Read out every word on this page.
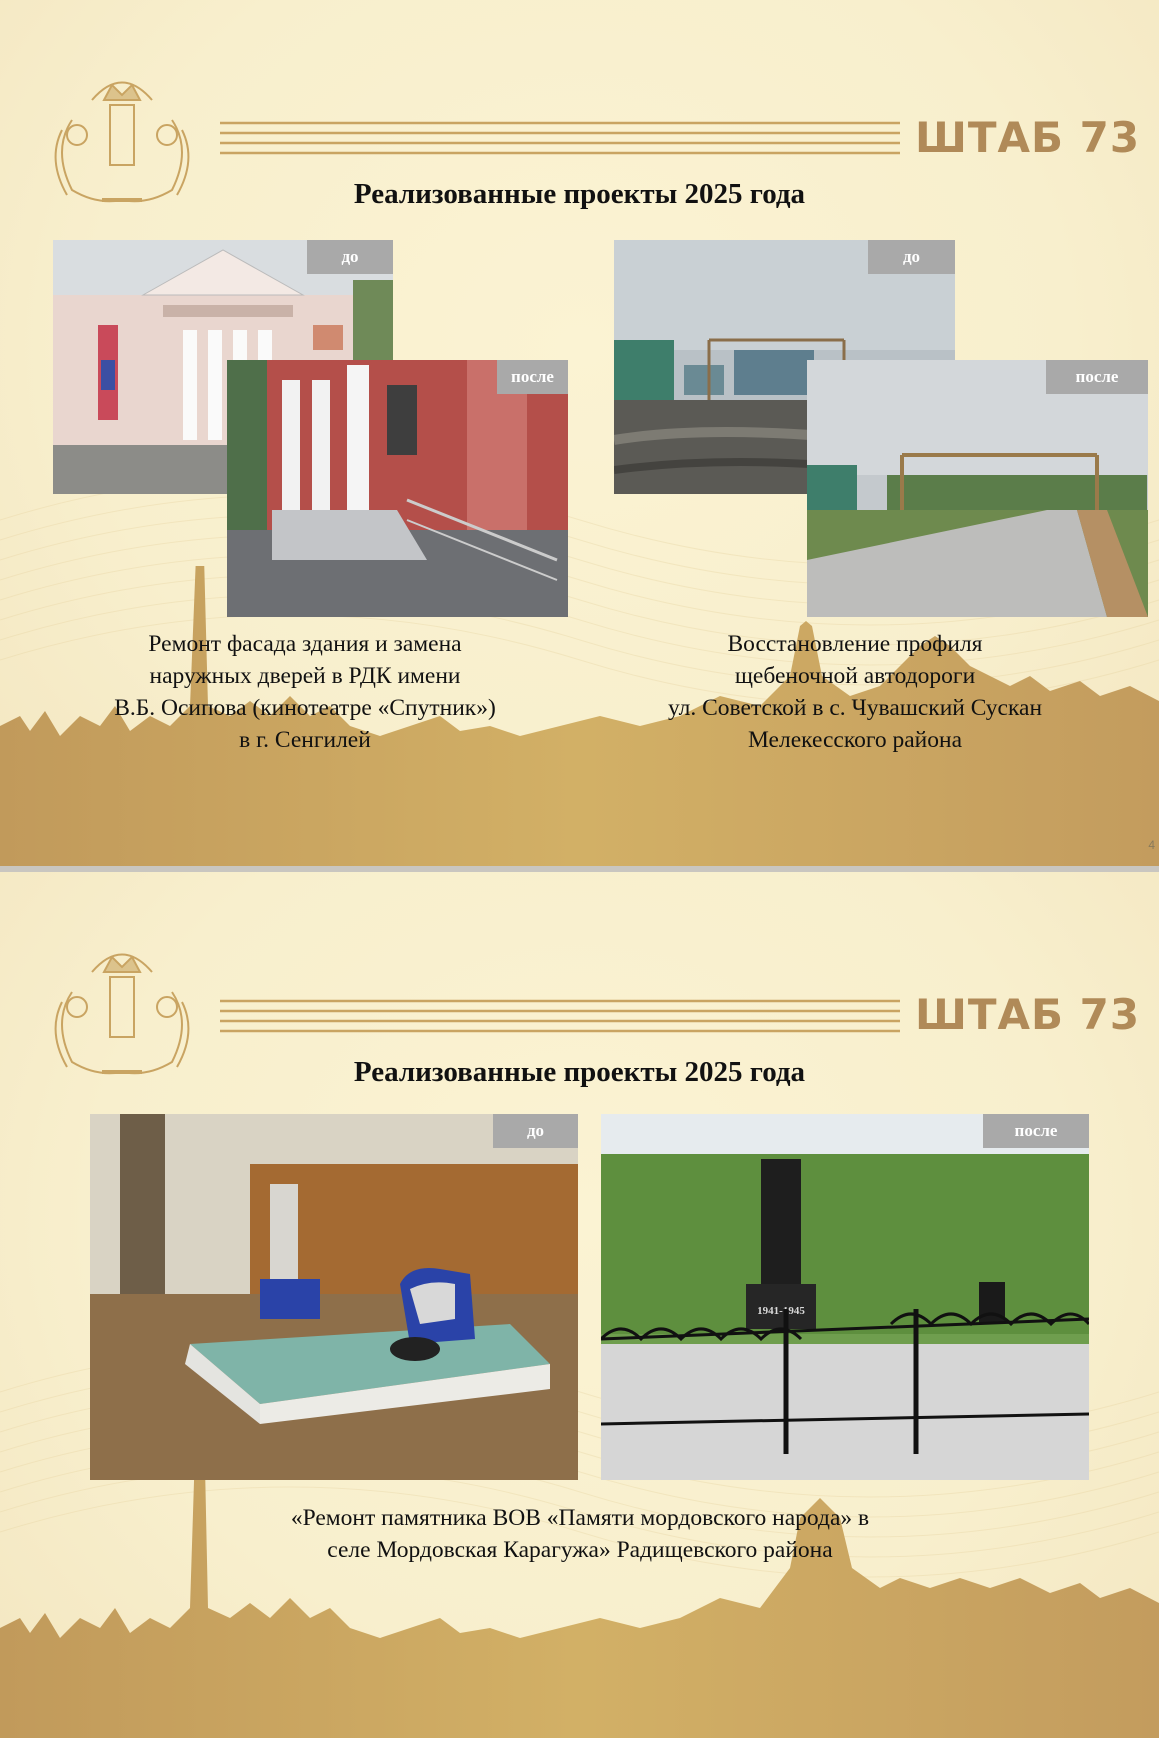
ШТАБ 73
Реализованные проекты 2025 года
до
после
до
после
Ремонт фасада здания и замена
наружных дверей в РДК имени
В.Б. Осипова (кинотеатре «Спутник»)
в г. Сенгилей
Восстановление профиля
щебеночной автодороги
ул. Советской в с. Чувашский Сускан
Мелекесского района
4
ШТАБ 73
Реализованные проекты 2025 года
до
1941-1945
после
«Ремонт памятника ВОВ «Памяти мордовского народа» в
селе Мордовская Карагужа» Радищевского района
